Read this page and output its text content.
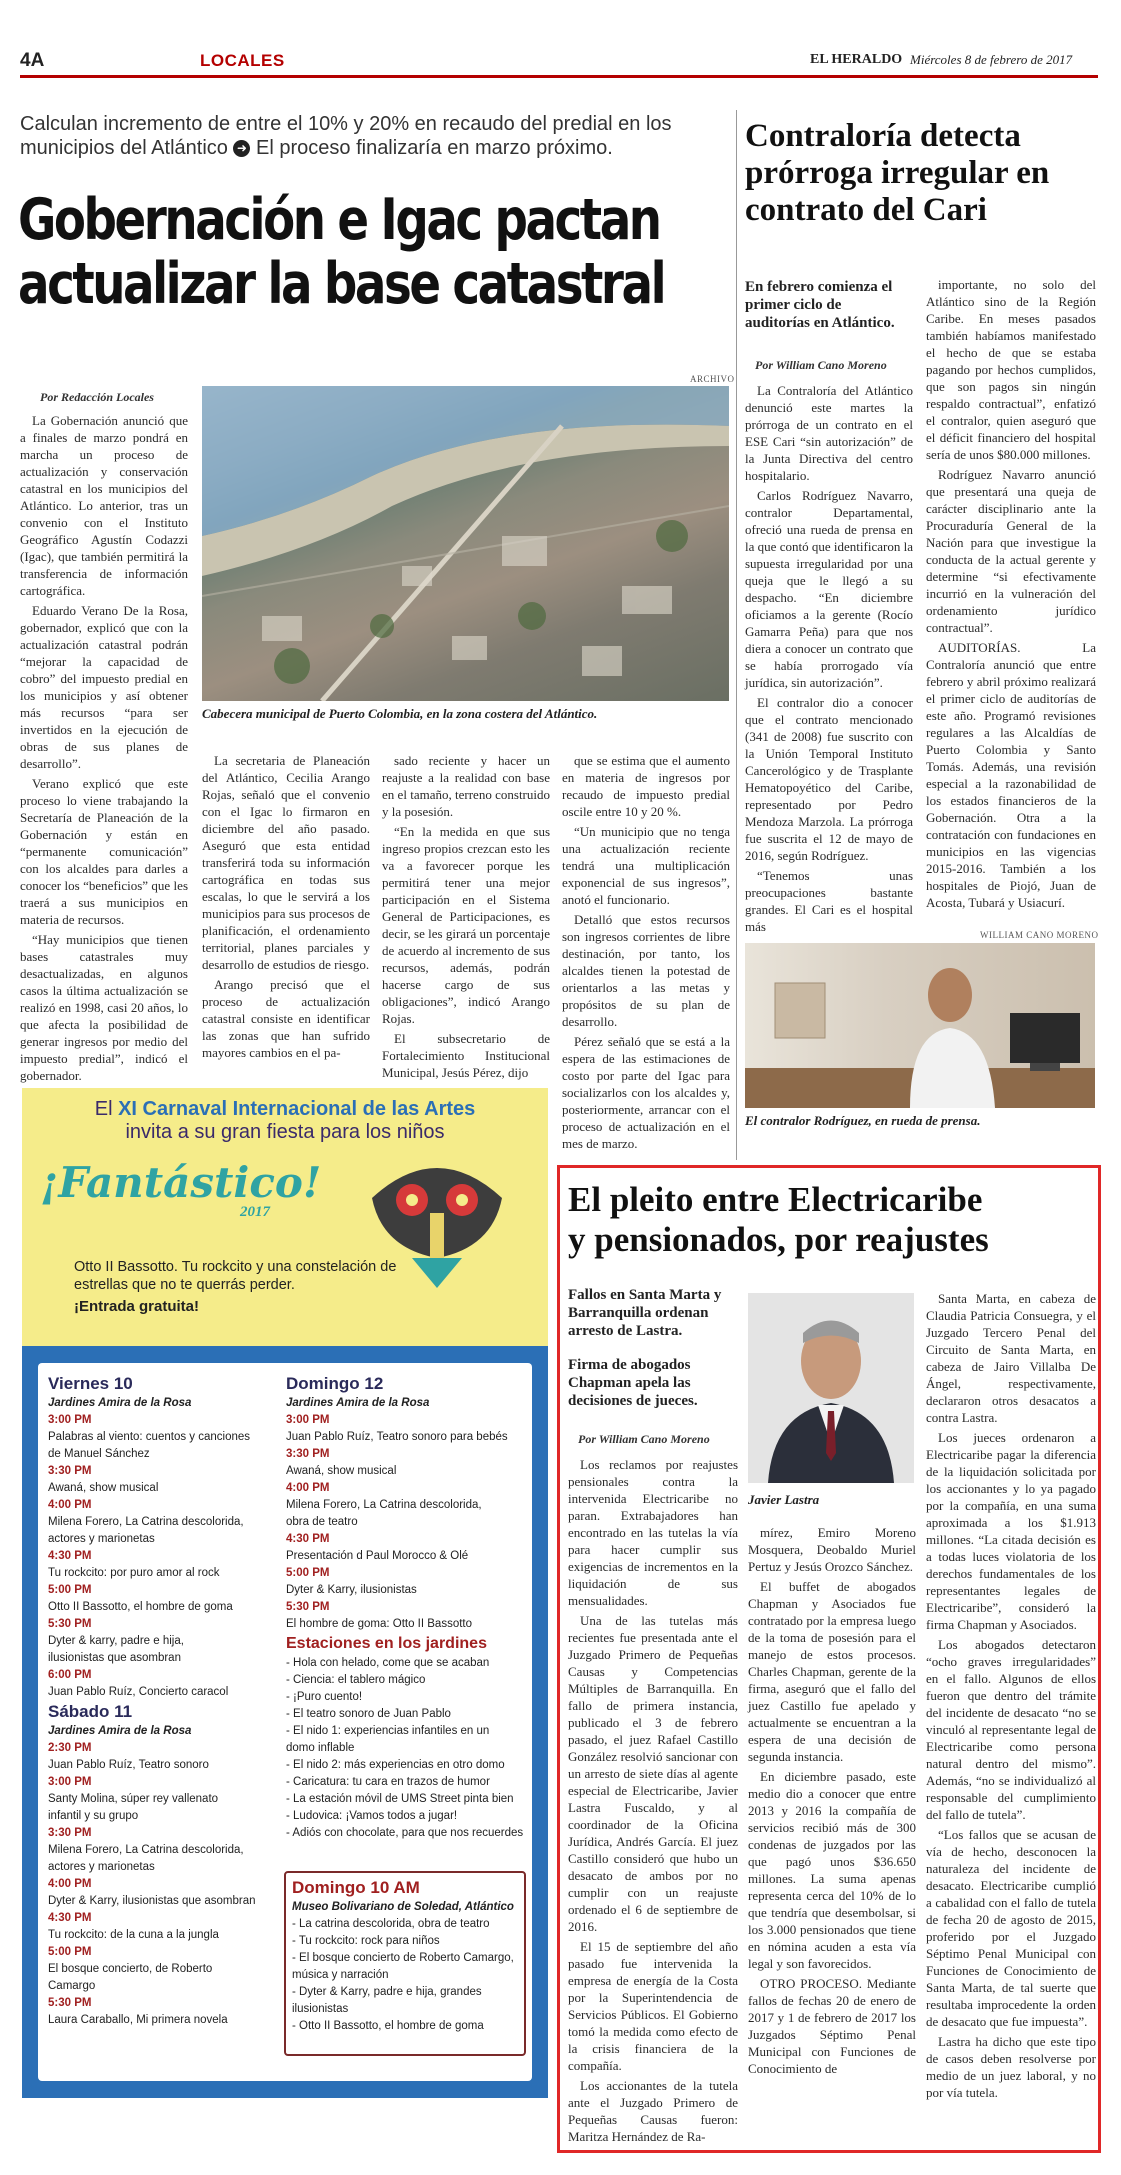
4A	LOCALES	EL HERALDO Miércoles 8 de febrero de 2017
Calculan incremento de entre el 10% y 20% en recaudo del predial en los municipios del Atlántico ➜ El proceso finalizaría en marzo próximo.
Gobernación e Igac pactan
actualizar la base catastral
Por Redacción Locales
ARCHIVO
Cabecera municipal de Puerto Colombia, en la zona costera del Atlántico.

La Gobernación anunció que a finales de marzo pondrá en marcha un proceso de actualización y conservación catastral en los municipios del Atlántico. Lo anterior, tras un convenio con el Instituto Geográfico Agustín Codazzi (Igac), que también permitirá la transferencia de información cartográfica.

Eduardo Verano De la Rosa, gobernador, explicó que con la actualización catastral podrán “mejorar la capacidad de cobro” del impuesto predial en los municipios y así obtener más recursos “para ser invertidos en la ejecución de obras de sus planes de desarrollo”.

Verano explicó que este proceso lo viene trabajando la Secretaría de Planeación de la Gobernación y están en “permanente comunicación” con los alcaldes para darles a conocer los “beneficios” que les traerá a sus municipios en materia de recursos.

“Hay municipios que tienen bases catastrales muy desactualizadas, en algunos casos la última actualización se realizó en 1998, casi 20 años, lo que afecta la posibilidad de generar ingresos por medio del impuesto predial”, indicó el gobernador.

La secretaria de Planeación del Atlántico, Cecilia Arango Rojas, señaló que el convenio con el Igac lo firmaron en diciembre del año pasado. Aseguró que esta entidad transferirá toda su información cartográfica en todas sus escalas, lo que le servirá a los municipios para sus procesos de planificación, el ordenamiento territorial, planes parciales y desarrollo de estudios de riesgo.

Arango precisó que el proceso de actualización catastral consiste en identificar las zonas que han sufrido mayores cambios en el pa-

sado reciente y hacer un reajuste a la realidad con base en el tamaño, terreno construido y la posesión.

“En la medida en que sus ingreso propios crezcan esto les va a favorecer porque les permitirá tener una mejor participación en el Sistema General de Participaciones, es decir, se les girará un porcentaje de acuerdo al incremento de sus recursos, además, podrán hacerse cargo de sus obligaciones”, indicó Arango Rojas.

El subsecretario de Fortalecimiento Institucional Municipal, Jesús Pérez, dijo

que se estima que el aumento en materia de ingresos por recaudo de impuesto predial oscile entre 10 y 20 %.

“Un municipio que no tenga una actualización reciente tendrá una multiplicación exponencial de sus ingresos”, anotó el funcionario.

Detalló que estos recursos son ingresos corrientes de libre destinación, por tanto, los alcaldes tienen la potestad de orientarlos a las metas y propósitos de su plan de desarrollo.

Pérez señaló que se está a la espera de las estimaciones de costo por parte del Igac para socializarlos con los alcaldes y, posteriormente, arrancar con el proceso de actualización en el mes de marzo.

Contraloría detecta prórroga irregular en contrato del Cari
En febrero comienza el primer ciclo de auditorías en Atlántico.
Por William Cano Moreno

La Contraloría del Atlántico denunció este martes la prórroga de un contrato en el ESE Cari “sin autorización” de la Junta Directiva del centro hospitalario.

Carlos Rodríguez Navarro, contralor Departamental, ofreció una rueda de prensa en la que contó que identificaron la supuesta irregularidad por una queja que le llegó a su despacho. “En diciembre oficiamos a la gerente (Rocío Gamarra Peña) para que nos diera a conocer un contrato que se había prorrogado vía jurídica, sin autorización”.

El contralor dio a conocer que el contrato mencionado (341 de 2008) fue suscrito con la Unión Temporal Instituto Cancerológico y de Trasplante Hematopoyético del Caribe, representado por Pedro Mendoza Marzola. La prórroga fue suscrita el 12 de mayo de 2016, según Rodríguez.

“Tenemos unas preocupaciones bastante grandes. El Cari es el hospital más

importante, no solo del Atlántico sino de la Región Caribe. En meses pasados también habíamos manifestado el hecho de que se estaba pagando por hechos cumplidos, que son pagos sin ningún respaldo contractual”, enfatizó el contralor, quien aseguró que el déficit financiero del hospital sería de unos $80.000 millones.

Rodríguez Navarro anunció que presentará una queja de carácter disciplinario ante la Procuraduría General de la Nación para que investigue la conducta de la actual gerente y determine “si efectivamente incurrió en la vulneración del ordenamiento jurídico contractual”.

AUDITORÍAS. La Contraloría anunció que entre febrero y abril próximo realizará el primer ciclo de auditorías de este año. Programó revisiones regulares a las Alcaldías de Puerto Colombia y Santo Tomás. Además, una revisión especial a la razonabilidad de los estados financieros de la Gobernación. Otra a la contratación con fundaciones en municipios en las vigencias 2015-2016. También a los hospitales de Piojó, Juan de Acosta, Tubará y Usiacurí.

WILLIAM CANO MORENO
El contralor Rodríguez, en rueda de prensa.
El XI Carnaval Internacional de las Artes
invita a su gran fiesta para los niños
¡Fantástico!
2017
Otto II Bassotto. Tu rockcito y una constelación de estrellas que no te querrás perder.
¡Entrada gratuita!
Viernes 10
Jardines Amira de la Rosa
3:00 PM
Palabras al viento: cuentos y canciones
de Manuel Sánchez
3:30 PM
Awaná, show musical
4:00 PM
Milena Forero, La Catrina descolorida,
actores y marionetas
4:30 PM
Tu rockcito: por puro amor al rock
5:00 PM
Otto II Bassotto, el hombre de goma
5:30 PM
Dyter & karry, padre e hija,
ilusionistas que asombran
6:00 PM
Juan Pablo Ruíz, Concierto caracol
Sábado 11
Jardines Amira de la Rosa
2:30 PM
Juan Pablo Ruíz, Teatro sonoro
3:00 PM
Santy Molina, súper rey vallenato
infantil y su grupo
3:30 PM
Milena Forero, La Catrina descolorida,
actores y marionetas
4:00 PM
Dyter & Karry, ilusionistas que asombran
4:30 PM
Tu rockcito: de la cuna a la jungla
5:00 PM
El bosque concierto, de Roberto
Camargo
5:30 PM
Laura Caraballo, Mi primera novela
Domingo 12
Jardines Amira de la Rosa
3:00 PM
Juan Pablo Ruíz, Teatro sonoro para bebés
3:30 PM
Awaná, show musical
4:00 PM
Milena Forero, La Catrina descolorida,
obra de teatro
4:30 PM
Presentación d Paul Morocco & Olé
5:00 PM
Dyter & Karry, ilusionistas
5:30 PM
El hombre de goma: Otto II Bassotto
Estaciones en los jardines
- Hola con helado, come que se acaban
- Ciencia: el tablero mágico
- ¡Puro cuento!
- El teatro sonoro de Juan Pablo
- El nido 1: experiencias infantiles en un
domo inflable
- El nido 2: más experiencias en otro domo
- Caricatura: tu cara en trazos de humor
- La estación móvil de UMS Street pinta bien
- Ludovica: ¡Vamos todos a jugar!
- Adiós con chocolate, para que nos recuerdes
Domingo 10 AM
Museo Bolivariano de Soledad, Atlántico
- La catrina descolorida, obra de teatro
- Tu rockcito: rock para niños
- El bosque concierto de Roberto Camargo,
música y narración
- Dyter & Karry, padre e hija, grandes
ilusionistas
- Otto II Bassotto, el hombre de goma
El pleito entre Electricaribe
y pensionados, por reajustes
Fallos en Santa Marta y Barranquilla ordenan arresto de Lastra.
Firma de abogados Chapman apela las decisiones de jueces.
Por William Cano Moreno
Javier Lastra

Los reclamos por reajustes pensionales contra la intervenida Electricaribe no paran. Extrabajadores han encontrado en las tutelas la vía para hacer cumplir sus exigencias de incrementos en la liquidación de sus mensualidades.

Una de las tutelas más recientes fue presentada ante el Juzgado Primero de Pequeñas Causas y Competencias Múltiples de Barranquilla. En fallo de primera instancia, publicado el 3 de febrero pasado, el juez Rafael Castillo González resolvió sancionar con un arresto de siete días al agente especial de Electricaribe, Javier Lastra Fuscaldo, y al coordinador de la Oficina Jurídica, Andrés García. El juez Castillo consideró que hubo un desacato de ambos por no cumplir con un reajuste ordenado el 6 de septiembre de 2016.

El 15 de septiembre del año pasado fue intervenida la empresa de energía de la Costa por la Superintendencia de Servicios Públicos. El Gobierno tomó la medida como efecto de la crisis financiera de la compañía.

Los accionantes de la tutela ante el Juzgado Primero de Pequeñas Causas fueron: Maritza Hernández de Ra-

mírez, Emiro Moreno Mosquera, Deobaldo Muriel Pertuz y Jesús Orozco Sánchez.

El buffet de abogados Chapman y Asociados fue contratado por la empresa luego de la toma de posesión para el manejo de estos procesos. Charles Chapman, gerente de la firma, aseguró que el fallo del juez Castillo fue apelado y actualmente se encuentran a la espera de una decisión de segunda instancia.

En diciembre pasado, este medio dio a conocer que entre 2013 y 2016 la compañía de servicios recibió más de 300 condenas de juzgados por las que pagó unos $36.650 millones. La suma apenas representa cerca del 10% de lo que tendría que desembolsar, si los 3.000 pensionados que tiene en nómina acuden a esta vía legal y son favorecidos.

OTRO PROCESO. Mediante fallos de fechas 20 de enero de 2017 y 1 de febrero de 2017 los Juzgados Séptimo Penal Municipal con Funciones de Conocimiento de

Santa Marta, en cabeza de Claudia Patricia Consuegra, y el Juzgado Tercero Penal del Circuito de Santa Marta, en cabeza de Jairo Villalba De Ángel, respectivamente, declararon otros desacatos a contra Lastra.

Los jueces ordenaron a Electricaribe pagar la diferencia de la liquidación solicitada por los accionantes y lo ya pagado por la compañía, en una suma aproximada a los $1.913 millones. “La citada decisión es a todas luces violatoria de los derechos fundamentales de los representantes legales de Electricaribe”, consideró la firma Chapman y Asociados.

Los abogados detectaron “ocho graves irregularidades” en el fallo. Algunos de ellos fueron que dentro del trámite del incidente de desacato “no se vinculó al representante legal de Electricaribe como persona natural dentro del mismo”. Además, “no se individualizó al responsable del cumplimiento del fallo de tutela”.

“Los fallos que se acusan de vía de hecho, desconocen la naturaleza del incidente de desacato. Electricaribe cumplió a cabalidad con el fallo de tutela de fecha 20 de agosto de 2015, proferido por el Juzgado Séptimo Penal Municipal con Funciones de Conocimiento de Santa Marta, de tal suerte que resultaba improcedente la orden de desacato que fue impuesta”.

Lastra ha dicho que este tipo de casos deben resolverse por medio de un juez laboral, y no por vía tutela.
